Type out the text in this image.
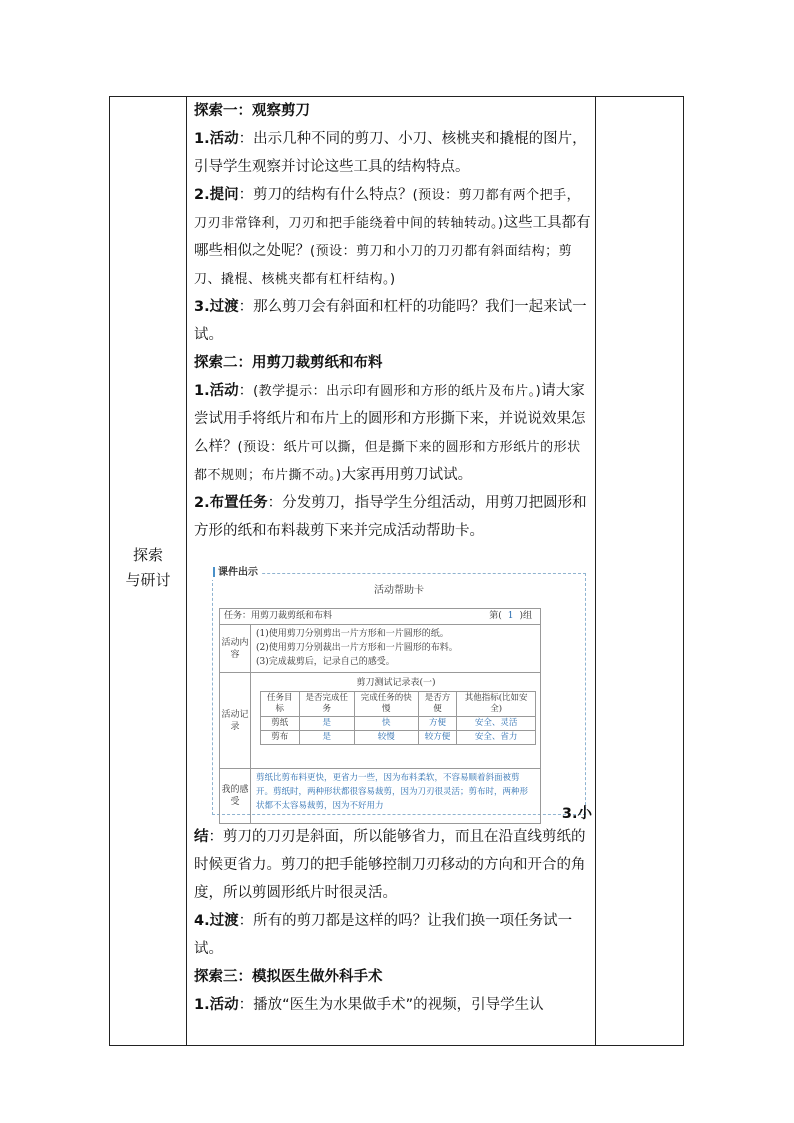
探索
与研讨

探索一：观察剪刀

1.活动：出示几种不同的剪刀、小刀、核桃夹和撬棍的图片，引导学生观察并讨论这些工具的结构特点。

2.提问：剪刀的结构有什么特点？(预设：剪刀都有两个把手，刀刃非常锋利，刀刃和把手能绕着中间的转轴转动。)这些工具都有哪些相似之处呢？(预设：剪刀和小刀的刀刃都有斜面结构；剪刀、撬棍、核桃夹都有杠杆结构。)

3.过渡：那么剪刀会有斜面和杠杆的功能吗？我们一起来试一试。

探索二：用剪刀裁剪纸和布料

1.活动：(教学提示：出示印有圆形和方形的纸片及布片。)请大家尝试用手将纸片和布片上的圆形和方形撕下来，并说说效果怎么样？(预设：纸片可以撕，但是撕下来的圆形和方形纸片的形状都不规则；布片撕不动。)大家再用剪刀试试。

2.布置任务：分发剪刀，指导学生分组活动，用剪刀把圆形和方形的纸和布料裁剪下来并完成活动帮助卡。

课件出示
活动帮助卡
任务：用剪刀裁剪纸和布料	第( 1 )组
活动内容
(1)使用剪刀分别剪出一片方形和一片圆形的纸。
(2)使用剪刀分别裁出一片方形和一片圆形的布料。
(3)完成裁剪后，记录自己的感受。
活动记录
剪刀测试记录表(一)
任务目标	是否完成任务	完成任务的快慢	是否方便	其他指标(比如安全)
剪纸	是	快	方便	安全、灵活
剪布	是	较慢	较方便	安全、省力
我的感受
剪纸比剪布料更快，更省力一些，因为布料柔软，不容易顺着斜面被剪开。剪纸时，两种形状都很容易裁剪，因为刀刃很灵活；剪布时，两种形状都不太容易裁剪，因为不好用力	3.小

结：剪刀的刀刃是斜面，所以能够省力，而且在沿直线剪纸的时候更省力。剪刀的把手能够控制刀刃移动的方向和开合的角度，所以剪圆形纸片时很灵活。

4.过渡：所有的剪刀都是这样的吗？让我们换一项任务试一试。

探索三：模拟医生做外科手术

1.活动：播放“医生为水果做手术”的视频，引导学生认
